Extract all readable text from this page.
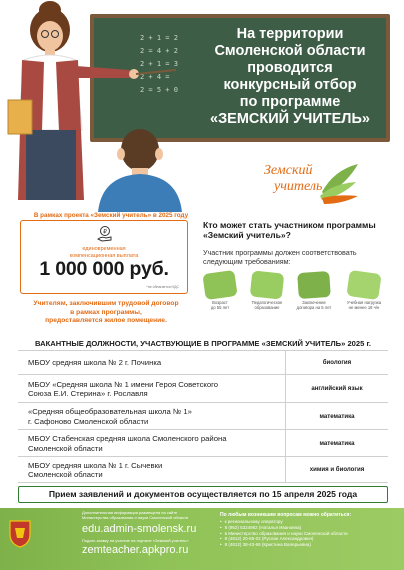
2 + 1 = 2
2 = 4 + 2
2 + 1 = 3
2 + 4 =
2 = 5 + 0
На территории
Смоленской области
проводится
конкурсный отбор
по программе
«ЗЕМСКИЙ УЧИТЕЛЬ»
Земский
учитель
В рамках проекта «Земский учитель» в 2025 году
₽
единовременная
компенсационная выплата
1 000 000 руб.
*не облагается НДС
Учителям, заключившим трудовой договор
в рамках программы,
предоставляется жилое помещение.
Кто может стать участником программы
«Земский учитель»?
Участник программы должен соответствовать
следующим требованиям:
Возраст
до 55 лет
Педагогическое
образование
Заключение
договора на 5 лет
Учебная нагрузка
не менее 18 ч/н
ВАКАНТНЫЕ ДОЛЖНОСТИ, УЧАСТВУЮЩИЕ В ПРОГРАММЕ «ЗЕМСКИЙ УЧИТЕЛЬ» 2025 г.
МБОУ средняя школа № 2 г. Починка	биология
МБОУ «Средняя школа № 1 имени Героя Советского
Союза Е.И. Стерина» г. Рославля
английский язык
«Средняя общеобразовательная школа № 1»
г. Сафоново Смоленской области
математика
МБОУ Стабенская средняя школа Смоленского района
Смоленской области
математика
МБОУ средняя школа № 1 г. Сычевки
Смоленской области
химия и биология
Прием заявлений и документов осуществляется по 15 апреля 2025 года
Дополнительная информация размещена на сайте
Министерства образования и науки Смоленской области
edu.admin-smolensk.ru
Подать заявку на участие на портале «Земский учитель»
zemteacher.apkpro.ru
По любым возникшим вопросам можно обратиться:
• к региональному оператору
• 8 (952) 5324982 (Наталья Ивановна)
• в Министерство образования и науки Смоленской области
• 8 (4812) 20-55-02 (Руслан Александрович)
• 8 (4812) 38-43-69 (Кристина Валерьевна)
